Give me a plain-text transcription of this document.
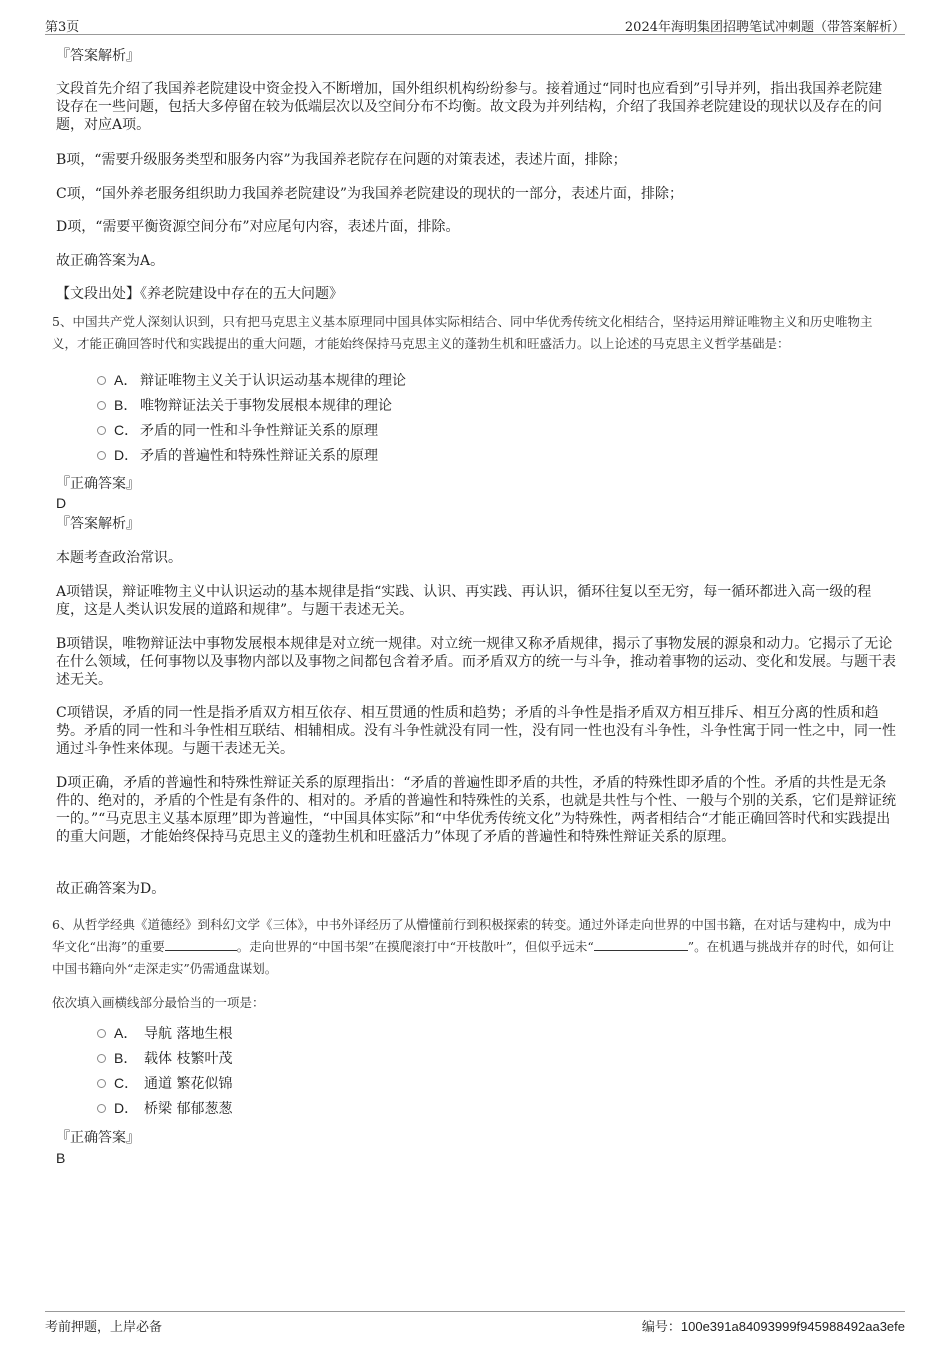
第3页	2024年海明集团招聘笔试冲刺题（带答案解析）

『答案解析』

文段首先介绍了我国养老院建设中资金投入不断增加，国外组织机构纷纷参与。接着通过“同时也应看到”引导并列，指出我国养老院建设存在一些问题，包括大多停留在较为低端层次以及空间分布不均衡。故文段为并列结构，介绍了我国养老院建设的现状以及存在的问题，对应A项。

B项，“需要升级服务类型和服务内容”为我国养老院存在问题的对策表述，表述片面，排除；

C项，“国外养老服务组织助力我国养老院建设”为我国养老院建设的现状的一部分，表述片面，排除；

D项，“需要平衡资源空间分布”对应尾句内容，表述片面，排除。

故正确答案为A。

【文段出处】《养老院建设中存在的五大问题》

5、中国共产党人深刻认识到，只有把马克思主义基本原理同中国具体实际相结合、同中华优秀传统文化相结合，坚持运用辩证唯物主义和历史唯物主义，才能正确回答时代和实践提出的重大问题，才能始终保持马克思主义的蓬勃生机和旺盛活力。以上论述的马克思主义哲学基础是：

A． 辩证唯物主义关于认识运动基本规律的理论
B． 唯物辩证法关于事物发展根本规律的理论
C． 矛盾的同一性和斗争性辩证关系的原理
D． 矛盾的普遍性和特殊性辩证关系的原理

『正确答案』

D

『答案解析』

本题考查政治常识。

A项错误，辩证唯物主义中认识运动的基本规律是指“实践、认识、再实践、再认识，循环往复以至无穷，每一循环都进入高一级的程度，这是人类认识发展的道路和规律”。与题干表述无关。

B项错误，唯物辩证法中事物发展根本规律是对立统一规律。对立统一规律又称矛盾规律，揭示了事物发展的源泉和动力。它揭示了无论在什么领域，任何事物以及事物内部以及事物之间都包含着矛盾。而矛盾双方的统一与斗争，推动着事物的运动、变化和发展。与题干表述无关。

C项错误，矛盾的同一性是指矛盾双方相互依存、相互贯通的性质和趋势；矛盾的斗争性是指矛盾双方相互排斥、相互分离的性质和趋势。矛盾的同一性和斗争性相互联结、相辅相成。没有斗争性就没有同一性，没有同一性也没有斗争性，斗争性寓于同一性之中，同一性通过斗争性来体现。与题干表述无关。

D项正确，矛盾的普遍性和特殊性辩证关系的原理指出：“矛盾的普遍性即矛盾的共性，矛盾的特殊性即矛盾的个性。矛盾的共性是无条件的、绝对的，矛盾的个性是有条件的、相对的。矛盾的普遍性和特殊性的关系，也就是共性与个性、一般与个别的关系，它们是辩证统一的。”“马克思主义基本原理”即为普遍性，“中国具体实际”和“中华优秀传统文化”为特殊性，两者相结合“才能正确回答时代和实践提出的重大问题，才能始终保持马克思主义的蓬勃生机和旺盛活力”体现了矛盾的普遍性和特殊性辩证关系的原理。

故正确答案为D。

6、从哲学经典《道德经》到科幻文学《三体》，中书外译经历了从懵懂前行到积极探索的转变。通过外译走向世界的中国书籍，在对话与建构中，成为中华文化“出海”的重要	。走向世界的“中国书架”在摸爬滚打中“开枝散叶”，但似乎远未“	”。在机遇与挑战并存的时代，如何让中国书籍向外“走深走实”仍需通盘谋划。

依次填入画横线部分最恰当的一项是：

A． 导航 落地生根
B． 载体 枝繁叶茂
C． 通道 繁花似锦
D． 桥梁 郁郁葱葱

『正确答案』

B

考前押题，上岸必备	编号：100e391a84093999f945988492aa3efe
